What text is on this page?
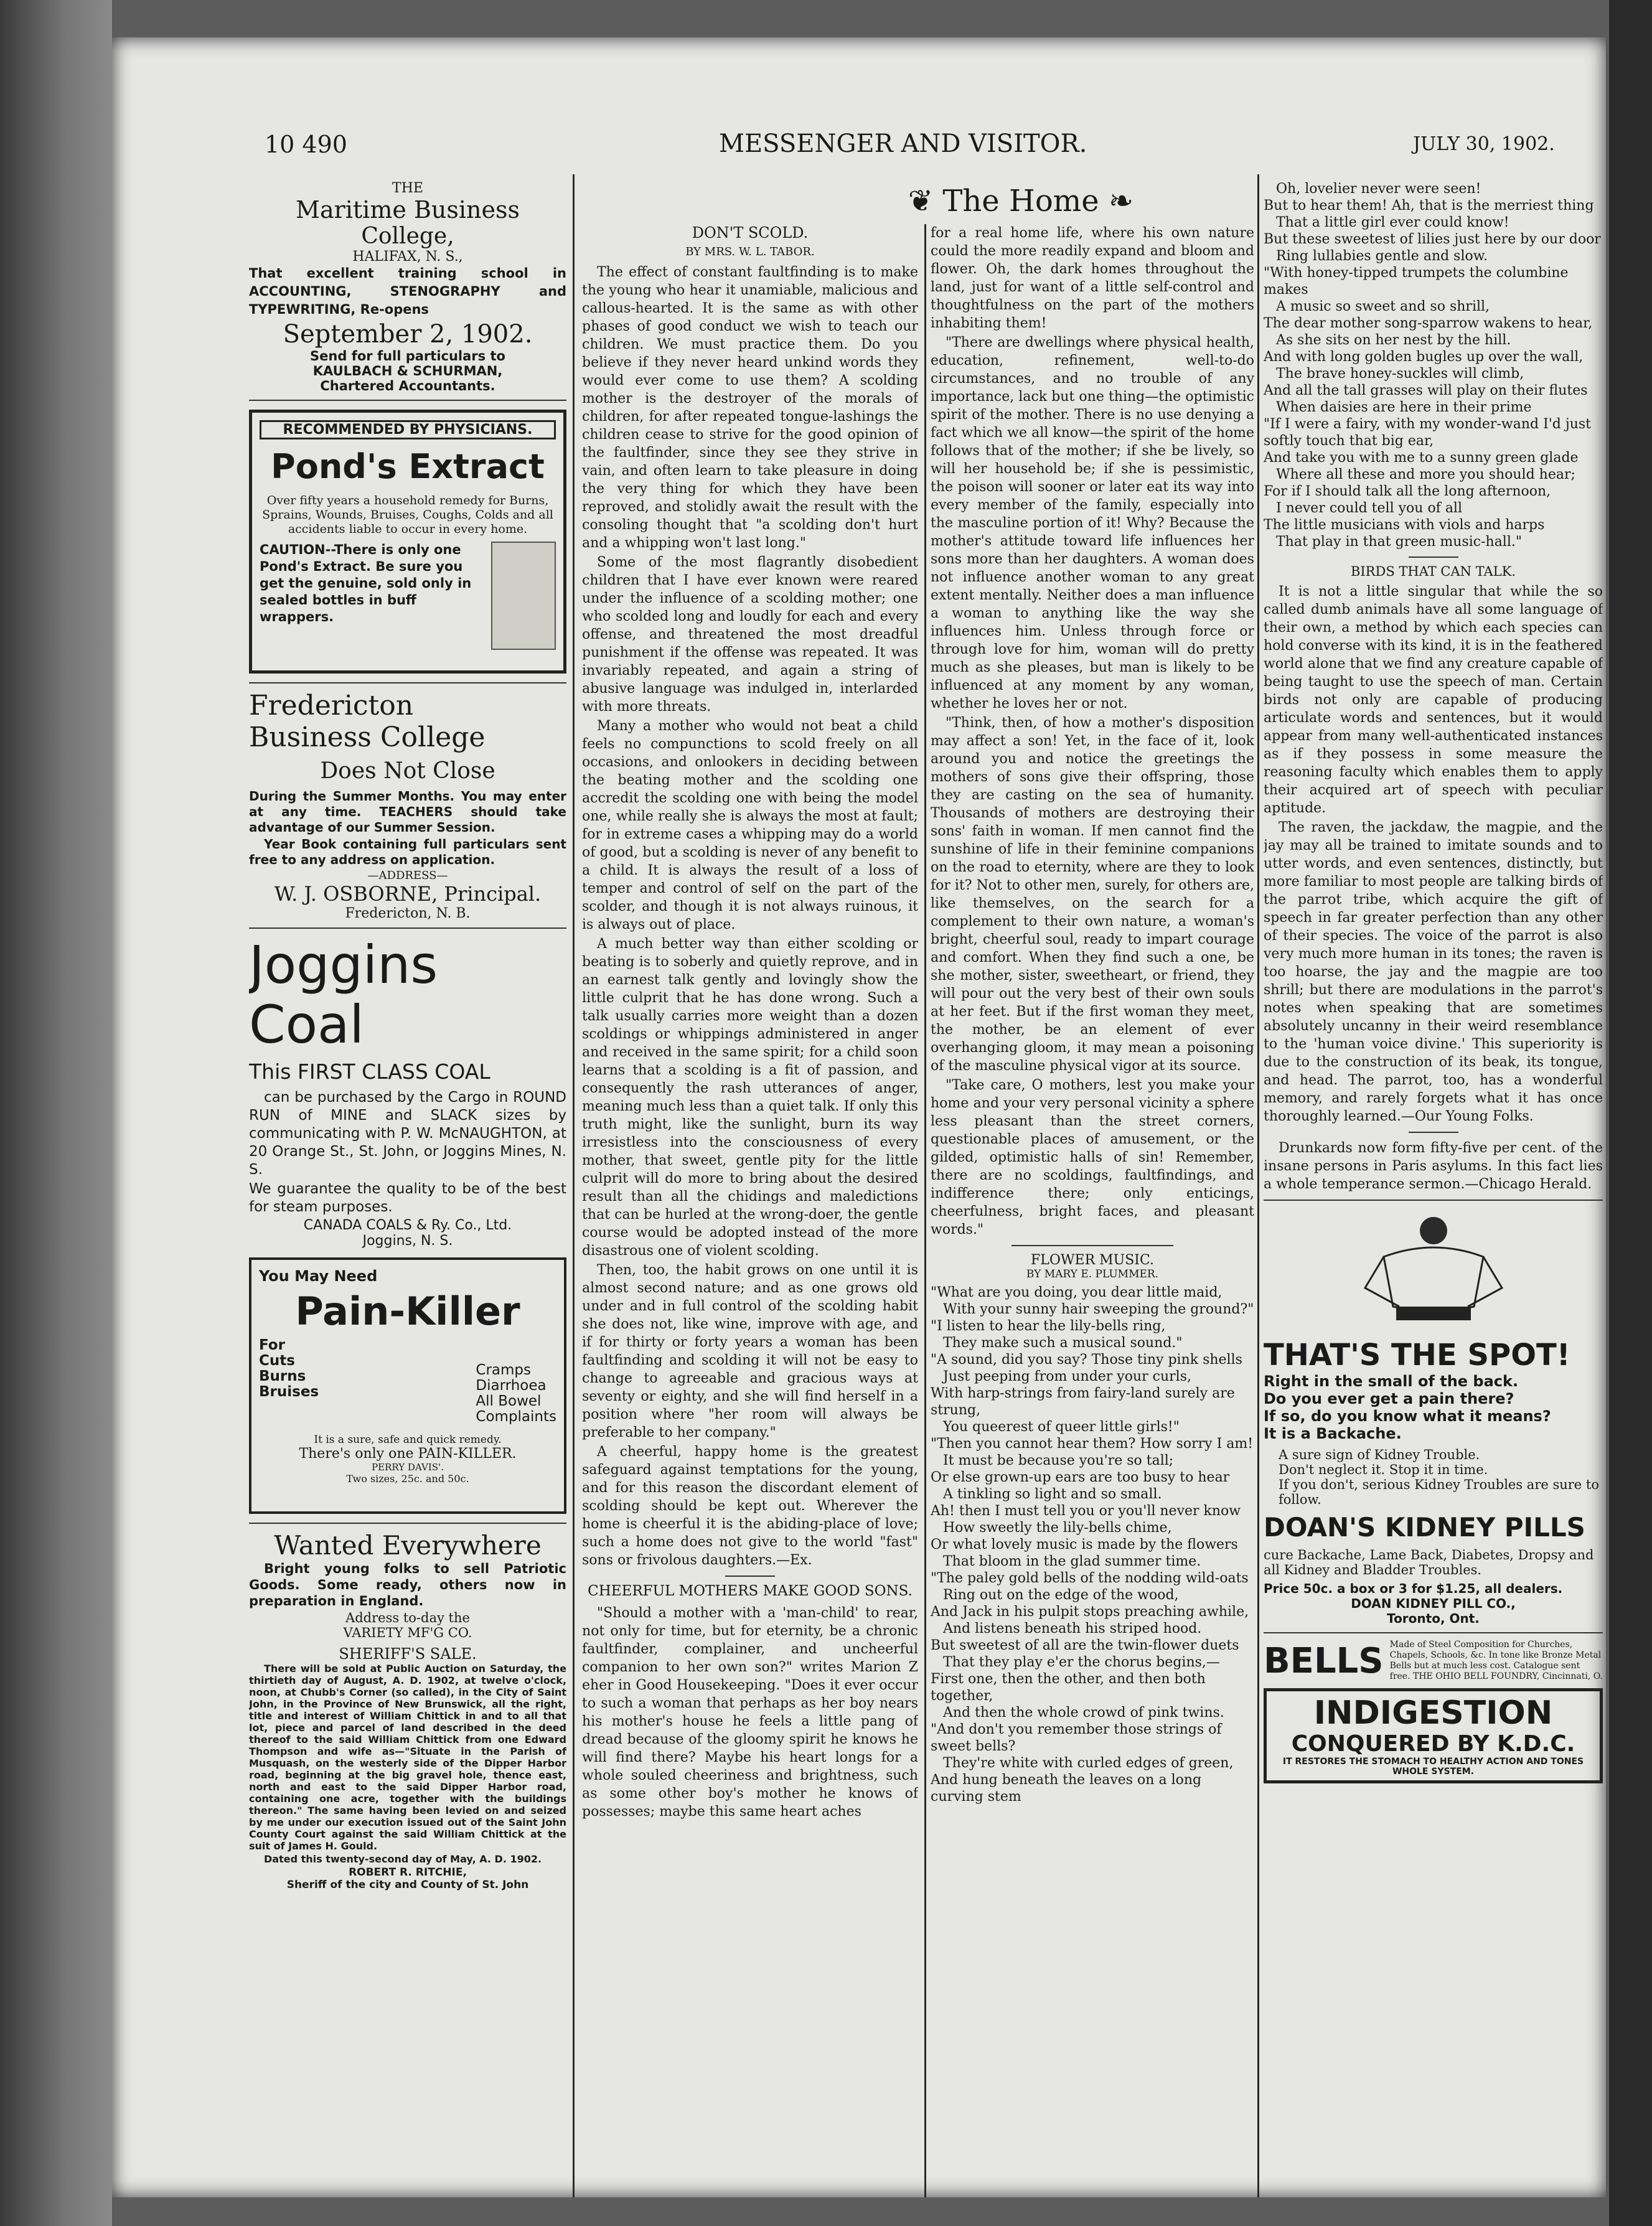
10 490	MESSENGER AND VISITOR.	JULY 30, 1902.
THE
Maritime Business
College,
HALIFAX, N. S.,
That excellent training school in ACCOUNTING, STENOGRAPHY and TYPEWRITING, Re-opens
September 2, 1902.
Send for full particulars to
KAULBACH & SCHURMAN,
Chartered Accountants.
RECOMMENDED BY PHYSICIANS.
Pond's Extract
Over fifty years a household remedy for Burns, Sprains, Wounds, Bruises, Coughs, Colds and all accidents liable to occur in every home.
CAUTION--There is only one Pond's Extract. Be sure you get the genuine, sold only in sealed bottles in buff wrappers.
Fredericton
Business College
Does Not Close
During the Summer Months. You may enter at any time. TEACHERS should take advantage of our Summer Session.
Year Book containing full particulars sent free to any address on application.
—ADDRESS—
W. J. OSBORNE, Principal.
Fredericton, N. B.
Joggins Coal
This FIRST CLASS COAL
can be purchased by the Cargo in ROUND RUN of MINE and SLACK sizes by communicating with P. W. McNAUGHTON, at 20 Orange St., St. John, or Joggins Mines, N. S.
We guarantee the quality to be of the best for steam purposes.
CANADA COALS & Ry. Co., Ltd.
Joggins, N. S.
You May Need
Pain-Killer
For
Cuts
Burns
Bruises
Cramps
Diarrhoea
All Bowel
Complaints
It is a sure, safe and quick remedy.
There's only one PAIN-KILLER.
PERRY DAVIS'.
Two sizes, 25c. and 50c.
Wanted Everywhere
Bright young folks to sell Patriotic Goods. Some ready, others now in preparation in England.
Address to-day the
VARIETY MF'G CO.
SHERIFF'S SALE.
There will be sold at Public Auction on Saturday, the thirtieth day of August, A. D. 1902, at twelve o'clock, noon, at Chubb's Corner (so called), in the City of Saint John, in the Province of New Brunswick, all the right, title and interest of William Chittick in and to all that lot, piece and parcel of land described in the deed thereof to the said William Chittick from one Edward Thompson and wife as—"Situate in the Parish of Musquash, on the westerly side of the Dipper Harbor road, beginning at the big gravel hole, thence east, north and east to the said Dipper Harbor road, containing one acre, together with the buildings thereon." The same having been levied on and seized by me under our execution issued out of the Saint John County Court against the said William Chittick at the suit of James H. Gould.
Dated this twenty-second day of May, A. D. 1902.
ROBERT R. RITCHIE,
Sheriff of the city and County of St. John
❦ The Home ❧
DON'T SCOLD.
BY MRS. W. L. TABOR.

The effect of constant faultfinding is to make the young who hear it unamiable, malicious and callous-hearted. It is the same as with other phases of good conduct we wish to teach our children. We must practice them. Do you believe if they never heard unkind words they would ever come to use them? A scolding mother is the destroyer of the morals of children, for after repeated tongue-lashings the children cease to strive for the good opinion of the faultfinder, since they see they strive in vain, and often learn to take pleasure in doing the very thing for which they have been reproved, and stolidly await the result with the consoling thought that "a scolding don't hurt and a whipping won't last long."

Some of the most flagrantly disobedient children that I have ever known were reared under the influence of a scolding mother; one who scolded long and loudly for each and every offense, and threatened the most dreadful punishment if the offense was repeated. It was invariably repeated, and again a string of abusive language was indulged in, interlarded with more threats.

Many a mother who would not beat a child feels no compunctions to scold freely on all occasions, and onlookers in deciding between the beating mother and the scolding one accredit the scolding one with being the model one, while really she is always the most at fault; for in extreme cases a whipping may do a world of good, but a scolding is never of any benefit to a child. It is always the result of a loss of temper and control of self on the part of the scolder, and though it is not always ruinous, it is always out of place.

A much better way than either scolding or beating is to soberly and quietly reprove, and in an earnest talk gently and lovingly show the little culprit that he has done wrong. Such a talk usually carries more weight than a dozen scoldings or whippings administered in anger and received in the same spirit; for a child soon learns that a scolding is a fit of passion, and consequently the rash utterances of anger, meaning much less than a quiet talk. If only this truth might, like the sunlight, burn its way irresistless into the consciousness of every mother, that sweet, gentle pity for the little culprit will do more to bring about the desired result than all the chidings and maledictions that can be hurled at the wrong-doer, the gentle course would be adopted instead of the more disastrous one of violent scolding.

Then, too, the habit grows on one until it is almost second nature; and as one grows old under and in full control of the scolding habit she does not, like wine, improve with age, and if for thirty or forty years a woman has been faultfinding and scolding it will not be easy to change to agreeable and gracious ways at seventy or eighty, and she will find herself in a position where "her room will always be preferable to her company."

A cheerful, happy home is the greatest safeguard against temptations for the young, and for this reason the discordant element of scolding should be kept out. Wherever the home is cheerful it is the abiding-place of love; such a home does not give to the world "fast" sons or frivolous daughters.—Ex.

CHEERFUL MOTHERS MAKE GOOD SONS.

"Should a mother with a 'man-child' to rear, not only for time, but for eternity, be a chronic faultfinder, complainer, and uncheerful companion to her own son?" writes Marion Z eher in Good Housekeeping. "Does it ever occur to such a woman that perhaps as her boy nears his mother's house he feels a little pang of dread because of the gloomy spirit he knows he will find there? Maybe his heart longs for a whole souled cheeriness and brightness, such as some other boy's mother he knows of possesses; maybe this same heart aches

for a real home life, where his own nature could the more readily expand and bloom and flower. Oh, the dark homes throughout the land, just for want of a little self-control and thoughtfulness on the part of the mothers inhabiting them!

"There are dwellings where physical health, education, refinement, well-to-do circumstances, and no trouble of any importance, lack but one thing—the optimistic spirit of the mother. There is no use denying a fact which we all know—the spirit of the home follows that of the mother; if she be lively, so will her household be; if she is pessimistic, the poison will sooner or later eat its way into every member of the family, especially into the masculine portion of it! Why? Because the mother's attitude toward life influences her sons more than her daughters. A woman does not influence another woman to any great extent mentally. Neither does a man influence a woman to anything like the way she influences him. Unless through force or through love for him, woman will do pretty much as she pleases, but man is likely to be influenced at any moment by any woman, whether he loves her or not.

"Think, then, of how a mother's disposition may affect a son! Yet, in the face of it, look around you and notice the greetings the mothers of sons give their offspring, those they are casting on the sea of humanity. Thousands of mothers are destroying their sons' faith in woman. If men cannot find the sunshine of life in their feminine companions on the road to eternity, where are they to look for it? Not to other men, surely, for others are, like themselves, on the search for a complement to their own nature, a woman's bright, cheerful soul, ready to impart courage and comfort. When they find such a one, be she mother, sister, sweetheart, or friend, they will pour out the very best of their own souls at her feet. But if the first woman they meet, the mother, be an element of ever overhanging gloom, it may mean a poisoning of the masculine physical vigor at its source.

"Take care, O mothers, lest you make your home and your very personal vicinity a sphere less pleasant than the street corners, questionable places of amusement, or the gilded, optimistic halls of sin! Remember, there are no scoldings, faultfindings, and indifference there; only enticings, cheerfulness, bright faces, and pleasant words."

FLOWER MUSIC.
BY MARY E. PLUMMER.

"What are you doing, you dear little maid,

With your sunny hair sweeping the ground?"

"I listen to hear the lily-bells ring,

They make such a musical sound."

"A sound, did you say? Those tiny pink shells

Just peeping from under your curls,

With harp-strings from fairy-land surely are strung,

You queerest of queer little girls!"

"Then you cannot hear them? How sorry I am!

It must be because you're so tall;

Or else grown-up ears are too busy to hear

A tinkling so light and so small.

Ah! then I must tell you or you'll never know

How sweetly the lily-bells chime,

Or what lovely music is made by the flowers

That bloom in the glad summer time.

"The paley gold bells of the nodding wild-oats

Ring out on the edge of the wood,

And Jack in his pulpit stops preaching awhile,

And listens beneath his striped hood.

But sweetest of all are the twin-flower duets

That they play e'er the chorus begins,—

First one, then the other, and then both together,

And then the whole crowd of pink twins.

"And don't you remember those strings of sweet bells?

They're white with curled edges of green,

And hung beneath the leaves on a long curving stem

Oh, lovelier never were seen!

But to hear them! Ah, that is the merriest thing

That a little girl ever could know!

But these sweetest of lilies just here by our door

Ring lullabies gentle and slow.

"With honey-tipped trumpets the columbine makes

A music so sweet and so shrill,

The dear mother song-sparrow wakens to hear,

As she sits on her nest by the hill.

And with long golden bugles up over the wall,

The brave honey-suckles will climb,

And all the tall grasses will play on their flutes

When daisies are here in their prime

"If I were a fairy, with my wonder-wand I'd just softly touch that big ear,

And take you with me to a sunny green glade

Where all these and more you should hear;

For if I should talk all the long afternoon,

I never could tell you of all

The little musicians with viols and harps

That play in that green music-hall."

BIRDS THAT CAN TALK.

It is not a little singular that while the so called dumb animals have all some language of their own, a method by which each species can hold converse with its kind, it is in the feathered world alone that we find any creature capable of being taught to use the speech of man. Certain birds not only are capable of producing articulate words and sentences, but it would appear from many well-authenticated instances as if they possess in some measure the reasoning faculty which enables them to apply their acquired art of speech with peculiar aptitude.

The raven, the jackdaw, the magpie, and the jay may all be trained to imitate sounds and to utter words, and even sentences, distinctly, but more familiar to most people are talking birds of the parrot tribe, which acquire the gift of speech in far greater perfection than any other of their species. The voice of the parrot is also very much more human in its tones; the raven is too hoarse, the jay and the magpie are too shrill; but there are modulations in the parrot's notes when speaking that are sometimes absolutely uncanny in their weird resemblance to the 'human voice divine.' This superiority is due to the construction of its beak, its tongue, and head. The parrot, too, has a wonderful memory, and rarely forgets what it has once thoroughly learned.—Our Young Folks.

Drunkards now form fifty-five per cent. of the insane persons in Paris asylums. In this fact lies a whole temperance sermon.—Chicago Herald.

THAT'S THE SPOT!
Right in the small of the back.
Do you ever get a pain there?
If so, do you know what it means?
It is a Backache.
A sure sign of Kidney Trouble.
Don't neglect it. Stop it in time.
If you don't, serious Kidney Troubles are sure to follow.
DOAN'S KIDNEY PILLS
cure Backache, Lame Back, Diabetes, Dropsy and all Kidney and Bladder Troubles.
Price 50c. a box or 3 for $1.25, all dealers.
DOAN KIDNEY PILL CO.,
Toronto, Ont.
BELLS Made of Steel Composition for Churches, Chapels, Schools, &c. In tone like Bronze Metal Bells but at much less cost. Catalogue sent free. THE OHIO BELL FOUNDRY, Cincinnati, O.
INDIGESTION
CONQUERED BY K.D.C.
IT RESTORES THE STOMACH TO HEALTHY ACTION AND TONES WHOLE SYSTEM.
